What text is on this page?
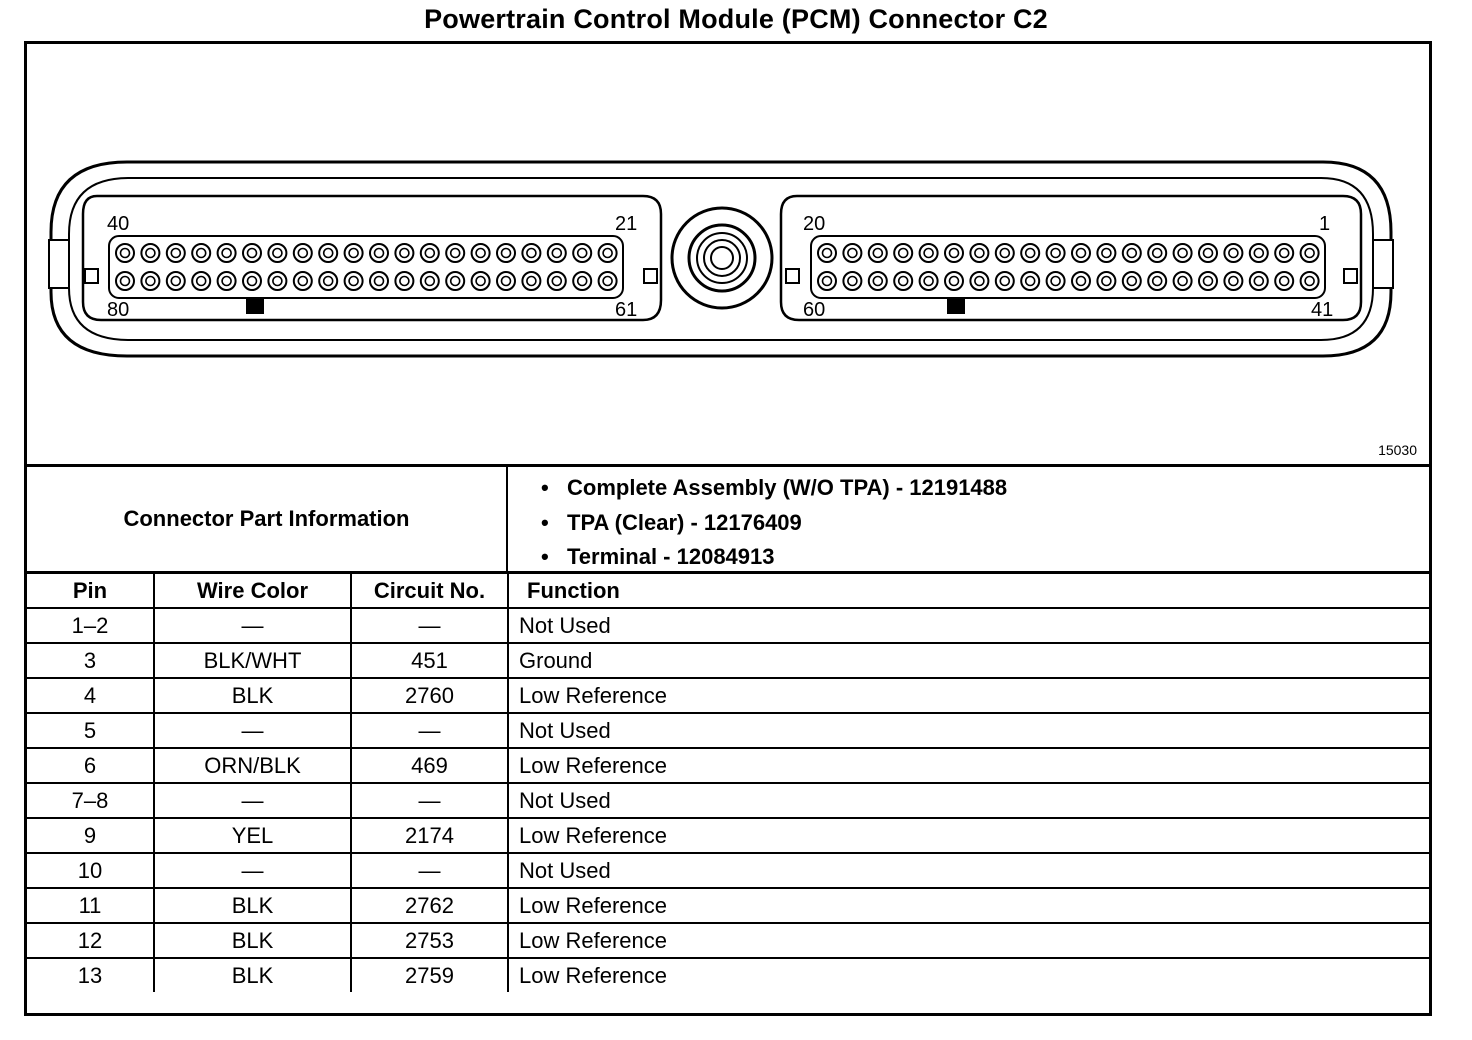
Powertrain Control Module (PCM) Connector C2
40	21
80	61
20	1
60	41
15030
Connector Part Information
• Complete Assembly (W/O TPA) - 12191488
• TPA (Clear) - 12176409
• Terminal - 12084913
Pin	Wire Color	Circuit No.	Function
1–2	—	—	Not Used
3	BLK/WHT	451	Ground
4	BLK	2760	Low Reference
5	—	—	Not Used
6	ORN/BLK	469	Low Reference
7–8	—	—	Not Used
9	YEL	2174	Low Reference
10	—	—	Not Used
11	BLK	2762	Low Reference
12	BLK	2753	Low Reference
13	BLK	2759	Low Reference
